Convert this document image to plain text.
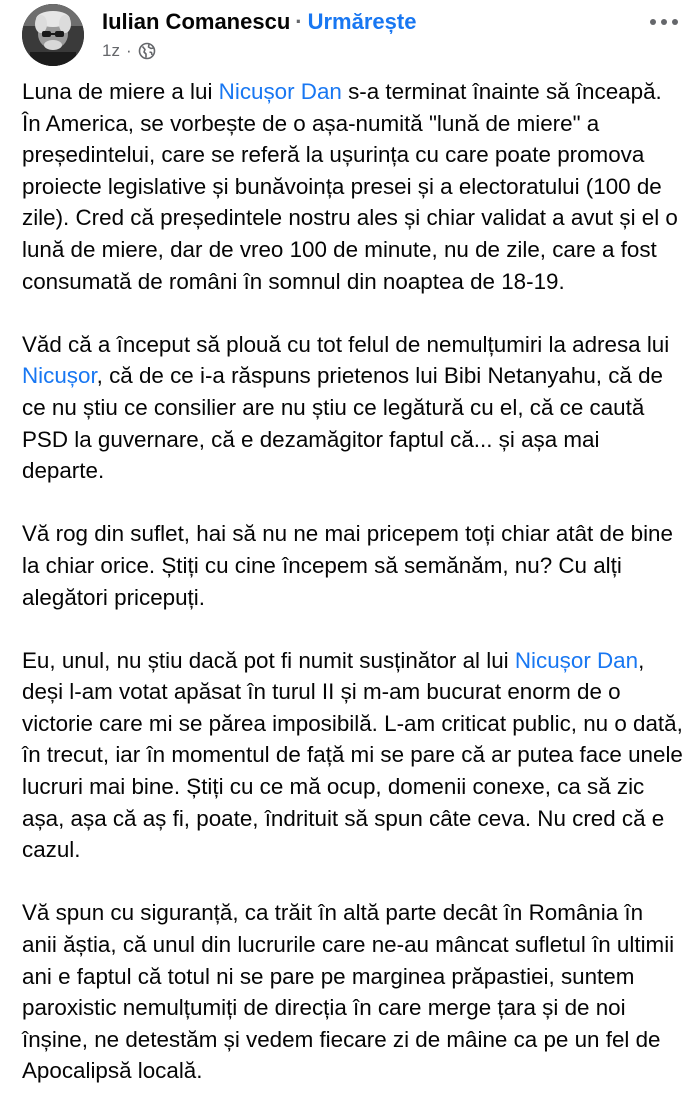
Iulian Comanescu · Urmărește
1z ·

Luna de miere a lui Nicușor Dan s-a terminat înainte să înceapă. În America, se vorbește de o așa-numită "lună de miere" a președintelui, care se referă la ușurința cu care poate promova proiecte legislative și bunăvoința presei și a electoratului (100 de zile). Cred că președintele nostru ales și chiar validat a avut și el o lună de miere, dar de vreo 100 de minute, nu de zile, care a fost consumată de români în somnul din noaptea de 18-19.

Văd că a început să plouă cu tot felul de nemulțumiri la adresa lui Nicușor, că de ce i-a răspuns prietenos lui Bibi Netanyahu, că de ce nu știu ce consilier are nu știu ce legătură cu el, că ce caută PSD la guvernare, că e dezamăgitor faptul că... și așa mai departe.

Vă rog din suflet, hai să nu ne mai pricepem toți chiar atât de bine la chiar orice. Știți cu cine începem să semănăm, nu? Cu alți alegători pricepuți.

Eu, unul, nu știu dacă pot fi numit susținător al lui Nicușor Dan, deși l-am votat apăsat în turul II și m-am bucurat enorm de o victorie care mi se părea imposibilă. L-am criticat public, nu o dată, în trecut, iar în momentul de față mi se pare că ar putea face unele lucruri mai bine. Știți cu ce mă ocup, domenii conexe, ca să zic așa, așa că aș fi, poate, îndrituit să spun câte ceva. Nu cred că e cazul.

Vă spun cu siguranță, ca trăit în altă parte decât în România în anii ăștia, că unul din lucrurile care ne-au mâncat sufletul în ultimii ani e faptul că totul ni se pare pe marginea prăpastiei, suntem paroxistic nemulțumiți de direcția în care merge țara și de noi înșine, ne detestăm și vedem fiecare zi de mâine ca pe un fel de Apocalipsă locală.
